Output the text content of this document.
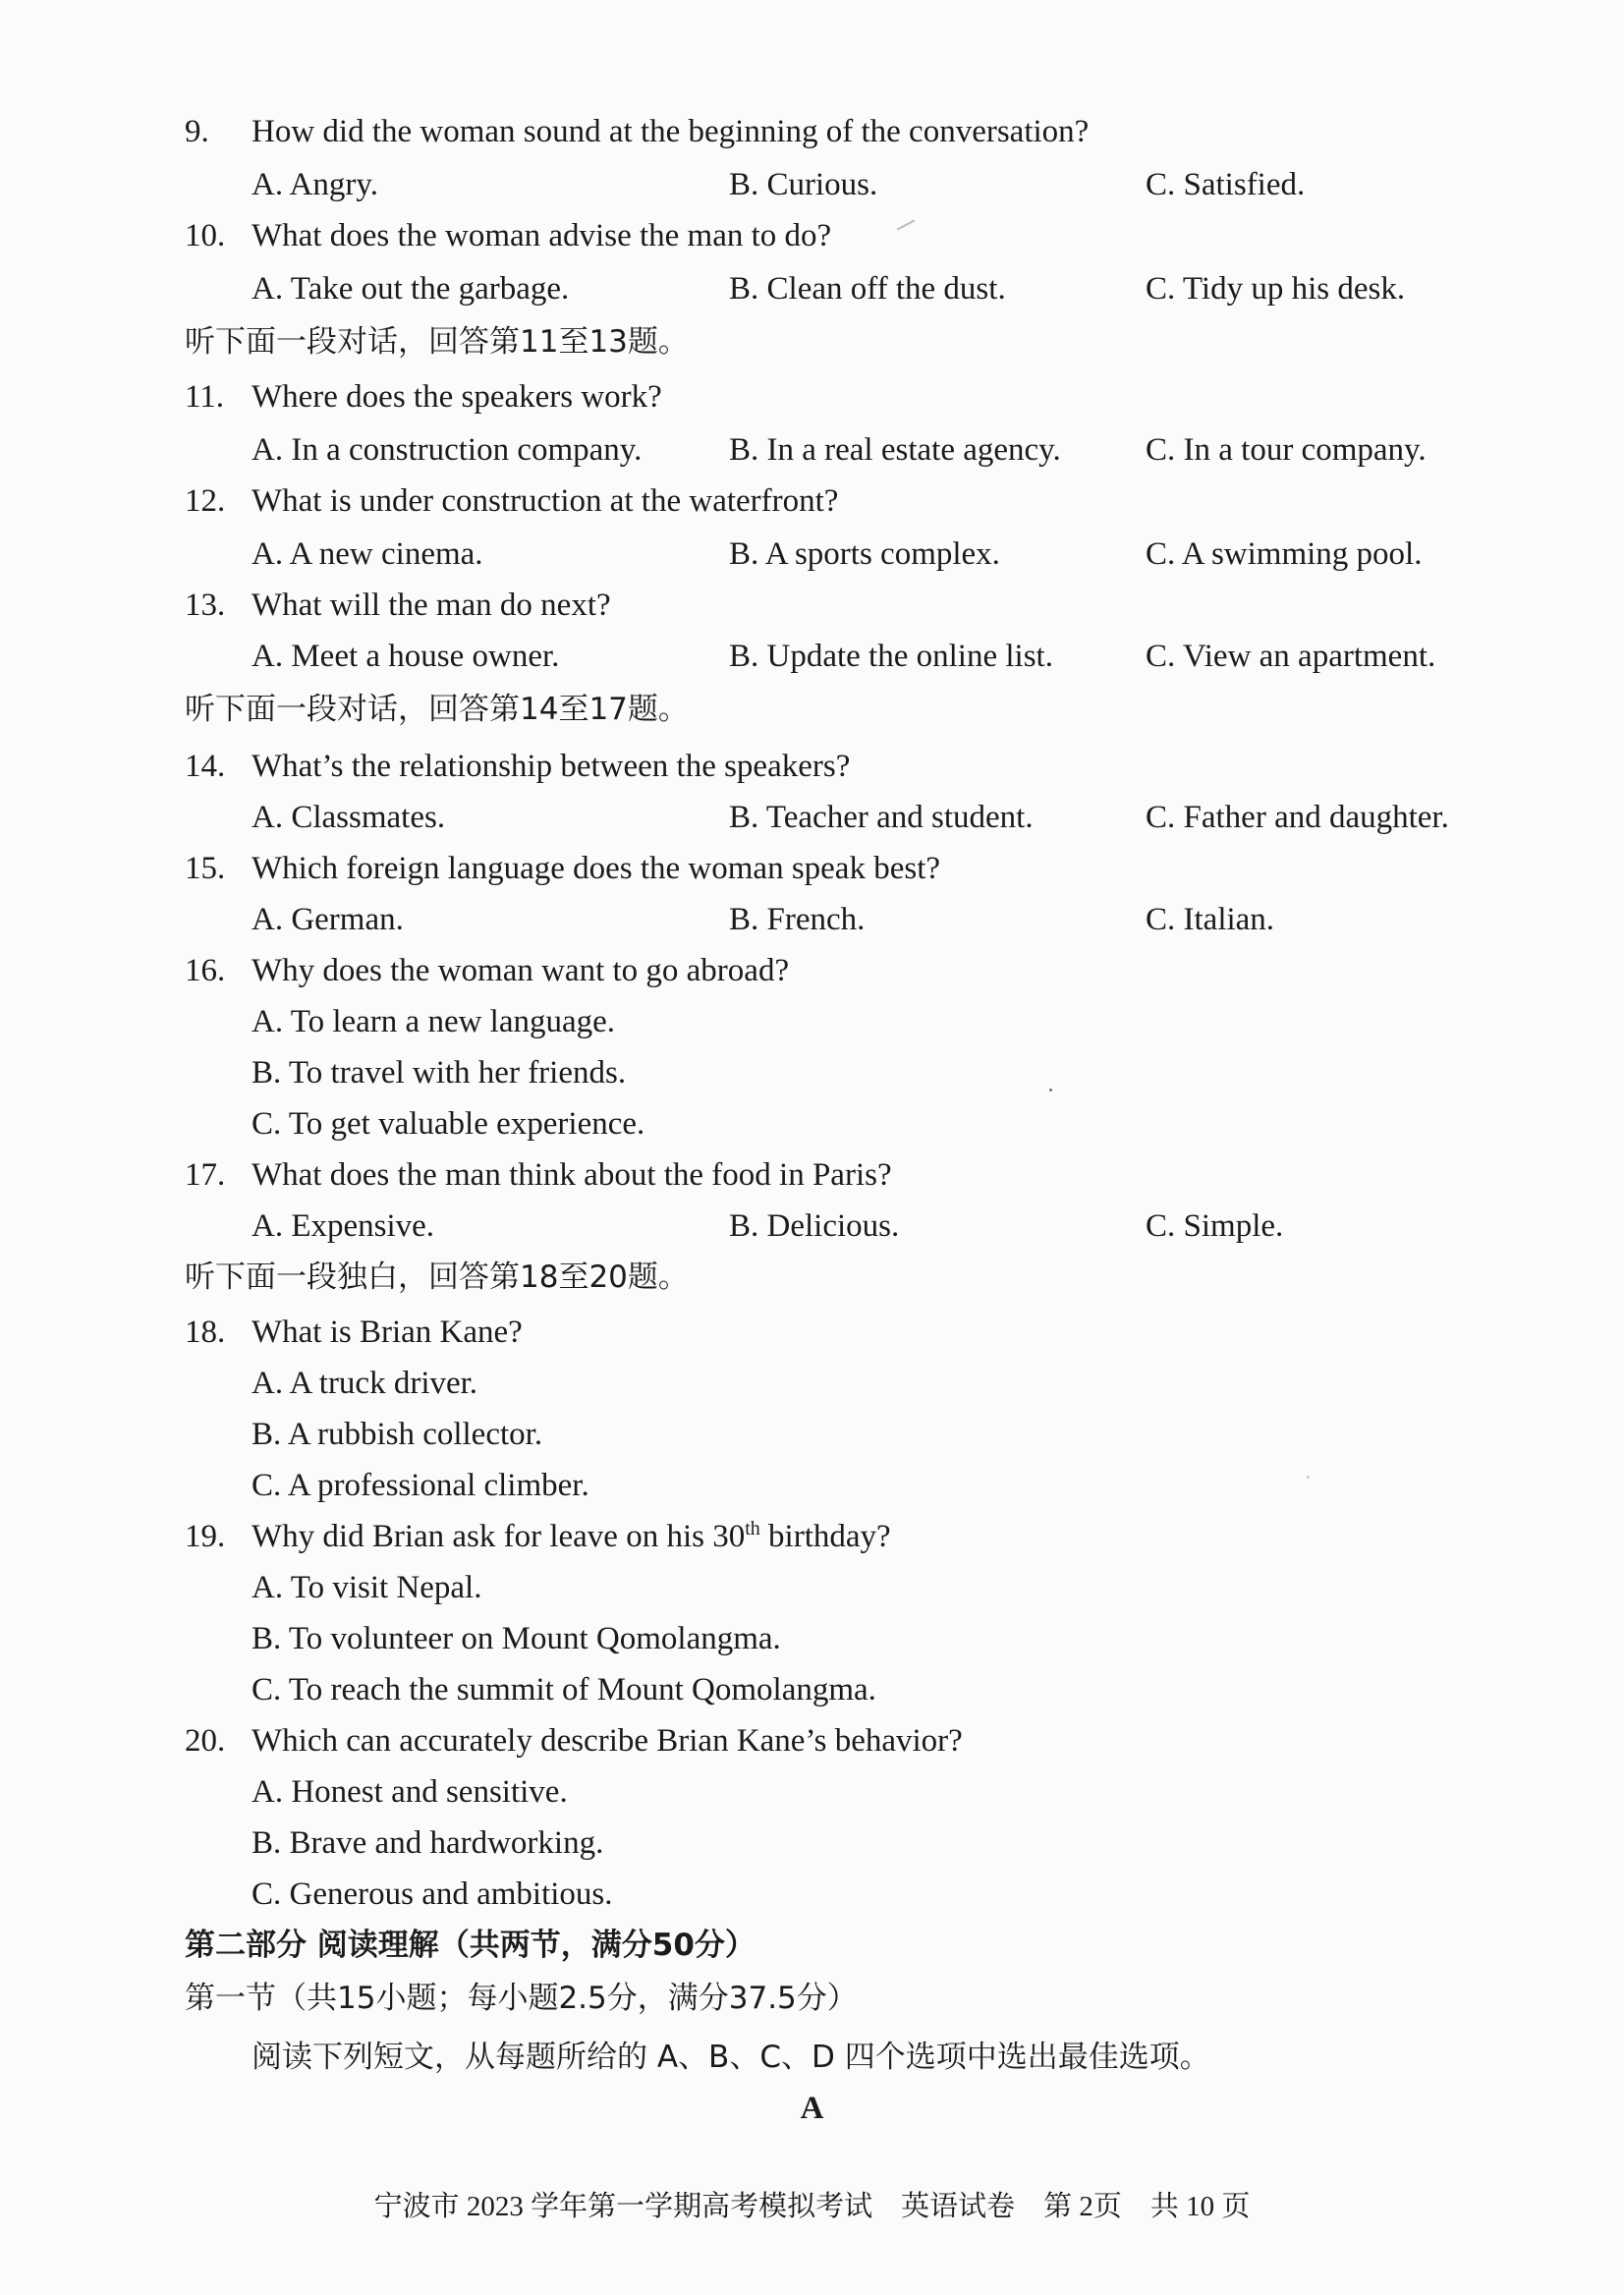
9. How did the woman sound at the beginning of the conversation?
A. Angry.	B. Curious.	C. Satisfied.
10. What does the woman advise the man to do?
A. Take out the garbage.	B. Clean off the dust.	C. Tidy up his desk.
听下面一段对话，回答第11至13题。
11. Where does the speakers work?
A. In a construction company.	B. In a real estate agency.	C. In a tour company.
12. What is under construction at the waterfront?
A. A new cinema.	B. A sports complex.	C. A swimming pool.
13. What will the man do next?
A. Meet a house owner.	B. Update the online list.	C. View an apartment.
听下面一段对话，回答第14至17题。
14. What’s the relationship between the speakers?
A. Classmates.	B. Teacher and student.	C. Father and daughter.
15. Which foreign language does the woman speak best?
A. German.	B. French.	C. Italian.
16. Why does the woman want to go abroad?
A. To learn a new language.
B. To travel with her friends.
C. To get valuable experience.
17. What does the man think about the food in Paris?
A. Expensive.	B. Delicious.	C. Simple.
听下面一段独白，回答第18至20题。
18. What is Brian Kane?
A. A truck driver.
B. A rubbish collector.
C. A professional climber.
19. Why did Brian ask for leave on his 30th birthday?
A. To visit Nepal.
B. To volunteer on Mount Qomolangma.
C. To reach the summit of Mount Qomolangma.
20. Which can accurately describe Brian Kane’s behavior?
A. Honest and sensitive.
B. Brave and hardworking.
C. Generous and ambitious.
第二部分 阅读理解（共两节，满分50分）
第一节（共15小题；每小题2.5分，满分37.5分）
阅读下列短文，从每题所给的 A、B、C、D 四个选项中选出最佳选项。
A
宁波市 2023 学年第一学期高考模拟考试　英语试卷　第 2页　共 10 页
